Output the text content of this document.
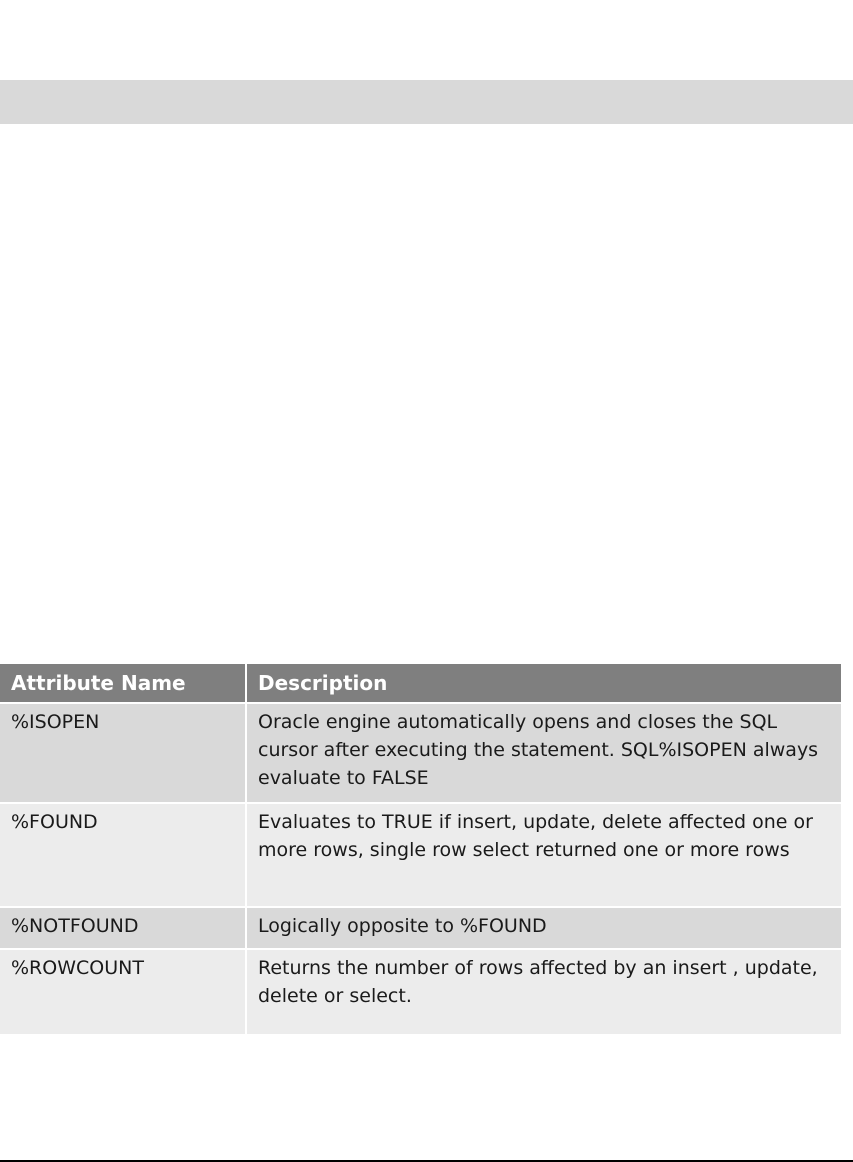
Attribute Name	Description
%ISOPEN	Oracle engine automatically opens and closes the SQL cursor after executing the statement. SQL%ISOPEN always evaluate to FALSE
%FOUND	Evaluates to TRUE if insert, update, delete affected one or more rows, single row select returned one or more rows
%NOTFOUND	Logically opposite to %FOUND
%ROWCOUNT	Returns the number of rows affected by an insert , update, delete or select.
